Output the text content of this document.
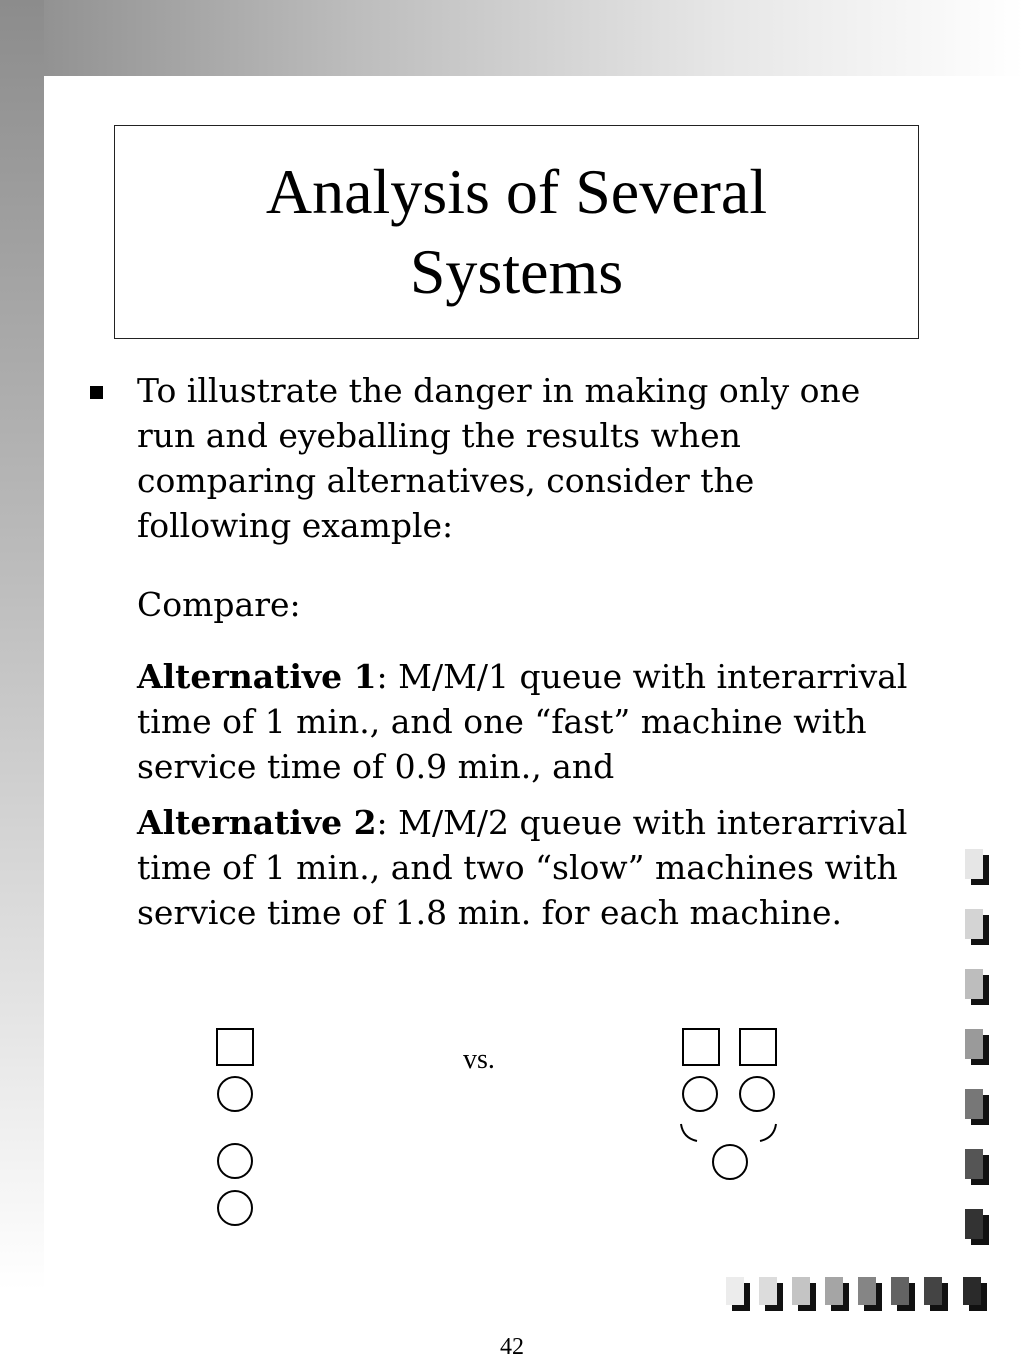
Analysis of Several Systems

To illustrate the danger in making only one run and eyeballing the results when comparing alternatives, consider the following example:

Compare:

Alternative 1: M/M/1 queue with interarrival time of 1 min., and one “fast” machine with service time of 0.9 min., and

Alternative 2: M/M/2 queue with interarrival time of 1 min., and two “slow” machines with service time of 1.8 min. for each machine.

vs.
42
